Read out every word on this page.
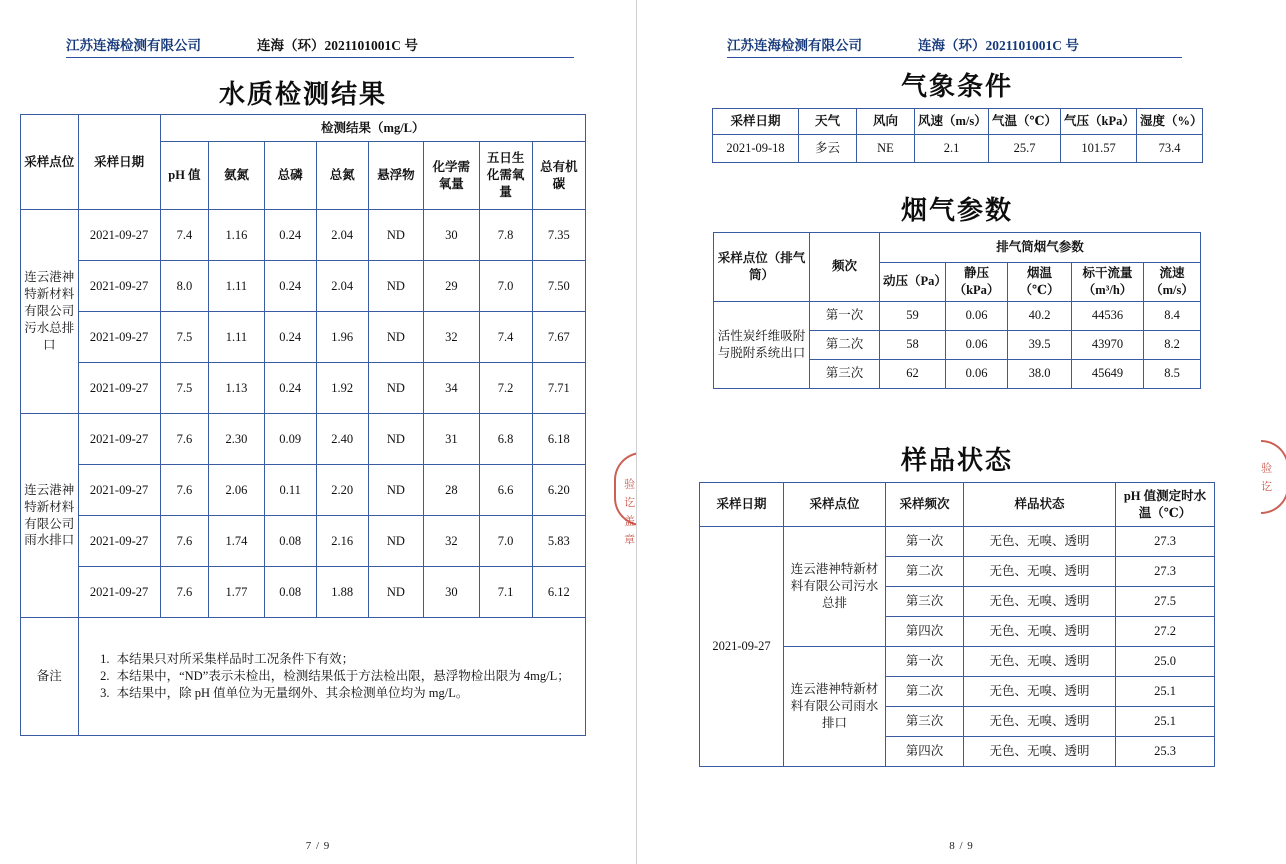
江苏连海检测有限公司	连海（环）2021101001C 号
水质检测结果
采样点位	采样日期	检测结果（mg/L）							
		pH 值	氨氮	总磷	总氮	悬浮物	化学需氧量	五日生化需氧量	总有机碳
连云港神特新材料有限公司污水总排口	2021-09-27	7.4	1.16	0.24	2.04	ND	30	7.8	7.35
	2021-09-27	8.0	1.11	0.24	2.04	ND	29	7.0	7.50
	2021-09-27	7.5	1.11	0.24	1.96	ND	32	7.4	7.67
	2021-09-27	7.5	1.13	0.24	1.92	ND	34	7.2	7.71
连云港神特新材料有限公司雨水排口	2021-09-27	7.6	2.30	0.09	2.40	ND	31	6.8	6.18
	2021-09-27	7.6	2.06	0.11	2.20	ND	28	6.6	6.20
	2021-09-27	7.6	1.74	0.08	2.16	ND	32	7.0	5.83
	2021-09-27	7.6	1.77	0.08	1.88	ND	30	7.1	6.12
备注	
1. 本结果只对所采集样品时工况条件下有效；
2. 本结果中，“ND”表示未检出，检测结果低于方法检出限，悬浮物检出限为 4mg/L；
3. 本结果中，除 pH 值单位为无量纲外、其余检测单位均为 mg/L。
验 讫 盖 章
7 / 9
江苏连海检测有限公司	连海（环）2021101001C 号
气象条件
采样日期	天气	风向	风速（m/s）	气温（℃）	气压（kPa）	湿度（%）
2021-09-18	多云	NE	2.1	25.7	101.57	73.4
烟气参数
采样点位（排气筒）	频次	排气筒烟气参数				
		动压（Pa）	静压（kPa）	烟温（℃）	标干流量（m³/h）	流速（m/s）
活性炭纤维吸附与脱附系统出口	第一次	59	0.06	40.2	44536	8.4
	第二次	58	0.06	39.5	43970	8.2
	第三次	62	0.06	38.0	45649	8.5
样品状态
采样日期	采样点位	采样频次	样品状态	pH 值测定时水温（℃）
2021-09-27	连云港神特新材料有限公司污水总排	第一次	无色、无嗅、透明	27.3
		第二次	无色、无嗅、透明	27.3
		第三次	无色、无嗅、透明	27.5
		第四次	无色、无嗅、透明	27.2
	连云港神特新材料有限公司雨水排口	第一次	无色、无嗅、透明	25.0
		第二次	无色、无嗅、透明	25.1
		第三次	无色、无嗅、透明	25.1
		第四次	无色、无嗅、透明	25.3
验 讫
8 / 9
